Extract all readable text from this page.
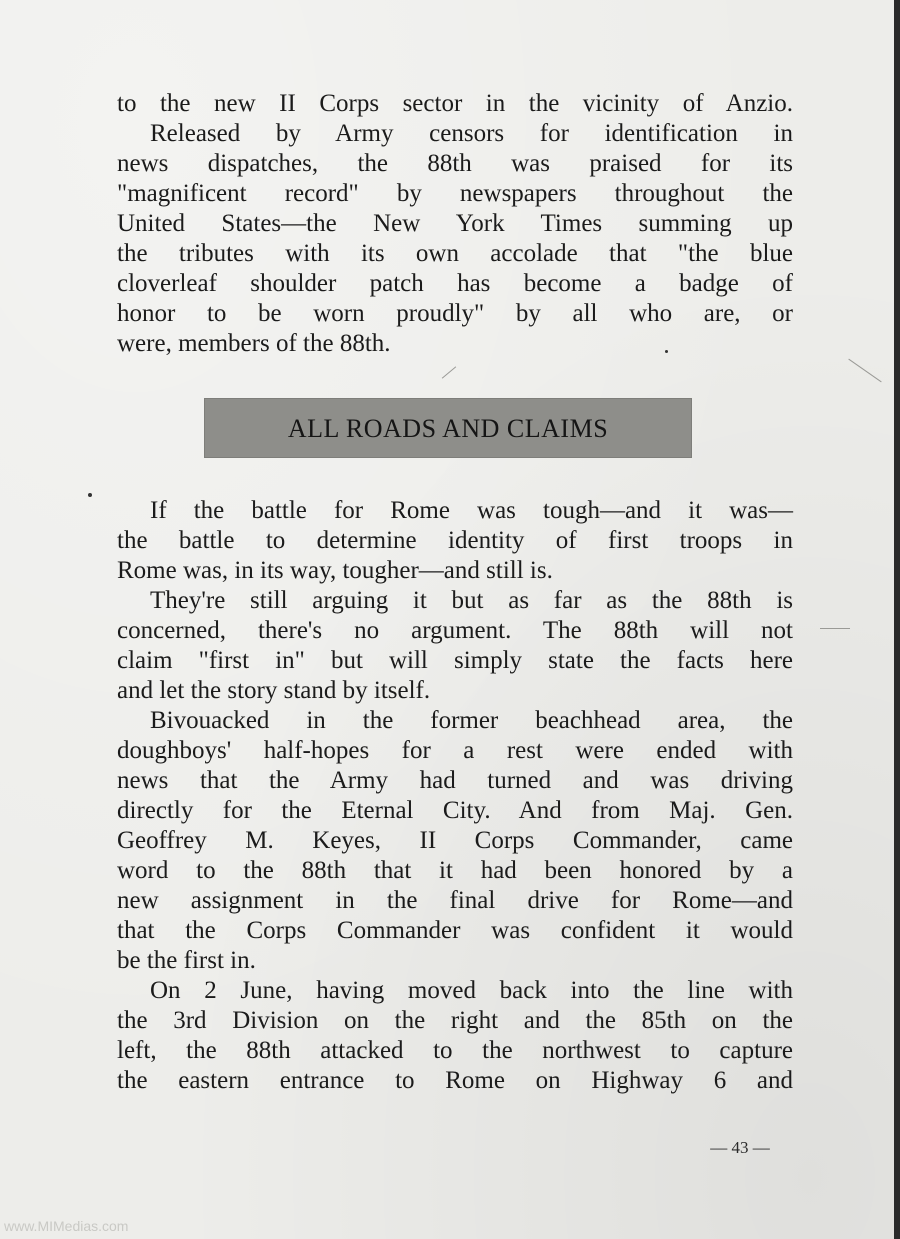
to the new II Corps sector in the vicinity of Anzio.
Released by Army censors for identification in
news dispatches, the 88th was praised for its
"magnificent record" by newspapers throughout the
United States—the New York Times summing up
the tributes with its own accolade that "the blue
cloverleaf shoulder patch has become a badge of
honor to be worn proudly" by all who are, or
were, members of the 88th.
ALL ROADS AND CLAIMS
If the battle for Rome was tough—and it was—
the battle to determine identity of first troops in
Rome was, in its way, tougher—and still is.
They're still arguing it but as far as the 88th is
concerned, there's no argument. The 88th will not
claim "first in" but will simply state the facts here
and let the story stand by itself.
Bivouacked in the former beachhead area, the
doughboys' half-hopes for a rest were ended with
news that the Army had turned and was driving
directly for the Eternal City. And from Maj. Gen.
Geoffrey M. Keyes, II Corps Commander, came
word to the 88th that it had been honored by a
new assignment in the final drive for Rome—and
that the Corps Commander was confident it would
be the first in.
On 2 June, having moved back into the line with
the 3rd Division on the right and the 85th on the
left, the 88th attacked to the northwest to capture
the eastern entrance to Rome on Highway 6 and
— 43 —
www.MIMedias.com
